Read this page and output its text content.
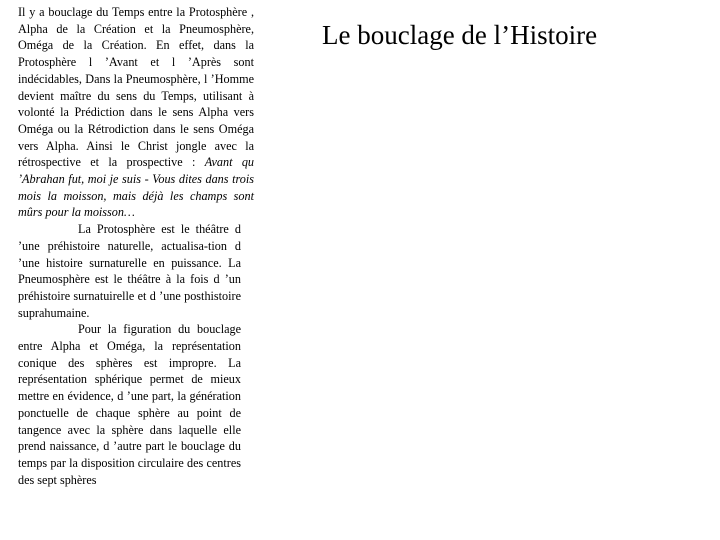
Le bouclage de l’Histoire

Il y a bouclage du Temps entre la Protosphère , Alpha de la Création et la Pneumosphère, Oméga de la Création. En effet, dans la Protosphère l ’Avant et l ’Après sont indécidables, Dans la Pneumosphère, l ’Homme devient maître du sens du Temps, utilisant à volonté la Prédiction dans le sens Alpha vers Oméga ou la Rétrodiction dans le sens Oméga vers Alpha. Ainsi le Christ jongle avec la rétrospective et la prospective : Avant qu ’Abrahan fut, moi je suis - Vous dites dans trois mois la moisson, mais déjà les champs sont mûrs pour la moisson…

La Protosphère est le théâtre d ’une préhistoire naturelle, actualisa-tion d ’une histoire surnaturelle en puissance. La Pneumosphère est le théâtre à la fois d ’un préhistoire surnatuirelle et d ’une posthistoire suprahumaine.

Pour la figuration du bouclage entre Alpha et Oméga, la représentation conique des sphères est impropre. La représentation sphérique permet de mieux mettre en évidence, d ’une part, la génération ponctuelle de chaque sphère au point de tangence avec la sphère dans laquelle elle prend naissance, d ’autre part le bouclage du temps par la disposition circulaire des centres des sept sphères
